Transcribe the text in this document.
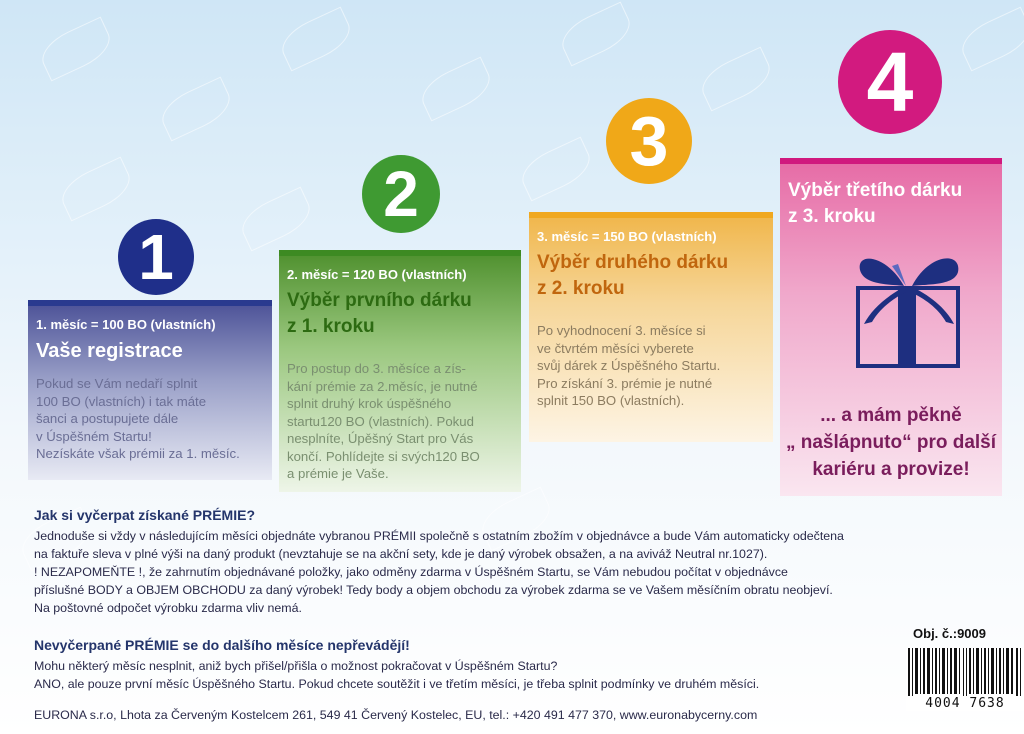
1
1. měsíc = 100 BO (vlastních)
Vaše registrace
Pokud se Vám nedaří splnit
100 BO (vlastních) i tak máte
šanci a postupujete dále
v Úspěšném Startu!
Nezískáte však prémii za 1. měsíc.
2
2. měsíc = 120 BO (vlastních)
Výběr prvního dárku
z 1. kroku
Pro postup do 3. měsíce a zís-
kání prémie za 2.měsíc, je nutné
splnit druhý krok úspěšného
startu120 BO (vlastních). Pokud
nesplníte, Úpěšný Start pro Vás
končí. Pohlídejte si svých120 BO
a prémie je Vaše.
3
3. měsíc = 150 BO (vlastních)
Výběr druhého dárku
z 2. kroku
Po vyhodnocení 3. měsíce si
ve čtvrtém měsíci vyberete
svůj dárek z Úspěšného Startu.
Pro získání 3. prémie je nutné
splnit 150 BO (vlastních).
4
Výběr třetího dárku
z 3. kroku
... a mám pěkně
„ našlápnuto“ pro další
kariéru a provize!
Jak si vyčerpat získané PRÉMIE?
Jednoduše si vždy v následujícím měsíci objednáte vybranou PRÉMII společně s ostatním zbožím v objednávce a bude Vám automaticky odečtena
na faktuře sleva v plné výši na daný produkt (nevztahuje se na akční sety, kde je daný výrobek obsažen, a na aviváž Neutral nr.1027).
! NEZAPOMEŇTE !, že zahrnutím objednávané položky, jako odměny zdarma v Úspěšném Startu, se Vám nebudou počítat v objednávce
příslušné BODY a OBJEM OBCHODU za daný výrobek! Tedy body a objem obchodu za výrobek zdarma se ve Vašem měsíčním obratu neobjeví.
Na poštovné odpočet výrobku zdarma vliv nemá.
Nevyčerpané PRÉMIE se do dalšího měsíce nepřevádějí!
Mohu některý měsíc nesplnit, aniž bych přišel/přišla o možnost pokračovat v Úspěšném Startu?
ANO, ale pouze první měsíc Úspěšného Startu. Pokud chcete soutěžit i ve třetím měsíci, je třeba splnit podmínky ve druhém měsíci.
Obj. č.:9009
4004 7638
EURONA s.r.o, Lhota za Červeným Kostelcem 261, 549 41 Červený Kostelec, EU, tel.: +420 491 477 370, www.euronabycerny.com
